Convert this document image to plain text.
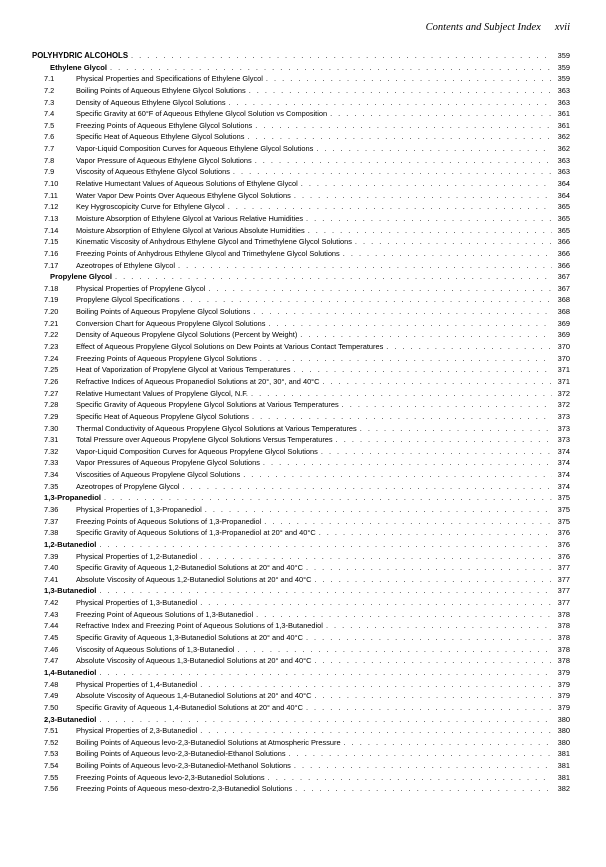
Contents and Subject Index xvii
POLYHYDRIC ALCOHOLS . . .	359
Ethylene Glycol . . .	359
7.1	Physical Properties and Specifications of Ethylene Glycol . . .	359
7.2	Boiling Points of Aqueous Ethylene Glycol Solutions . . .	363
7.3	Density of Aqueous Ethylene Glycol Solutions . . .	363
7.4	Specific Gravity at 60°F of Aqueous Ethylene Glycol Solution vs Composition . . .	361
7.5	Freezing Points of Aqueous Ethylene Glycol Solutions . . .	361
7.6	Specific Heat of Aqueous Ethylene Glycol Solutions . . .	362
7.7	Vapor-Liquid Composition Curves for Aqueous Ethylene Glycol Solutions . . .	362
7.8	Vapor Pressure of Aqueous Ethylene Glycol Solutions . . .	363
7.9	Viscosity of Aqueous Ethylene Glycol Solutions . . .	363
7.10	Relative Humectant Values of Aqueous Solutions of Ethylene Glycol . . .	364
7.11	Water Vapor Dew Points Over Aqueous Ethylene Glycol Solutions . . .	364
7.12	Key Hygroscopicity Curve for Ethylene Glycol . . .	365
7.13	Moisture Absorption of Ethylene Glycol at Various Relative Humidities . . .	365
7.14	Moisture Absorption of Ethylene Glycol at Various Absolute Humidities . . .	365
7.15	Kinematic Viscosity of Anhydrous Ethylene Glycol and Trimethylene Glycol Solutions . . .	366
7.16	Freezing Points of Anhydrous Ethylene Glycol and Trimethylene Glycol Solutions . . .	366
7.17	Azeotropes of Ethylene Glycol . . .	366
Propylene Glycol . . .	367
7.18	Physical Properties of Propylene Glycol . . .	367
7.19	Propylene Glycol Specifications . . .	368
7.20	Boiling Points of Aqueous Propylene Glycol Solutions . . .	368
7.21	Conversion Chart for Aqueous Propylene Glycol Solutions . . .	369
7.22	Density of Aqueous Propylene Glycol Solutions (Percent by Weight) . . .	369
7.23	Effect of Aqueous Propylene Glycol Solutions on Dew Points at Various Contact Temperatures . . .	370
7.24	Freezing Points of Aqueous Propylene Glycol Solutions . . .	370
7.25	Heat of Vaporization of Propylene Glycol at Various Temperatures . . .	371
7.26	Refractive Indices of Aqueous Propanediol Solutions at 20°, 30°, and 40°C . . .	371
7.27	Relative Humectant Values of Propylene Glycol, N.F. . . .	372
7.28	Specific Gravity of Aqueous Propylene Glycol Solutions at Various Temperatures . . .	372
7.29	Specific Heat of Aqueous Propylene Glycol Solutions . . .	373
7.30	Thermal Conductivity of Aqueous Propylene Glycol Solutions at Various Temperatures . . .	373
7.31	Total Pressure over Aqueous Propylene Glycol Solutions Versus Temperatures . . .	373
7.32	Vapor-Liquid Composition Curves for Aqueous Propylene Glycol Solutions . . .	374
7.33	Vapor Pressures of Aqueous Propylene Glycol Solutions . . .	374
7.34	Viscosities of Aqueous Propylene Glycol Solutions . . .	374
7.35	Azeotropes of Propylene Glycol . . .	374
1,3-Propanediol . . .	375
7.36	Physical Properties of 1,3-Propanediol . . .	375
7.37	Freezing Points of Aqueous Solutions of 1,3-Propanediol . . .	375
7.38	Specific Gravity of Aqueous Solutions of 1,3-Propanediol at 20° and 40°C . . .	376
1,2-Butanediol . . .	376
7.39	Physical Properties of 1,2-Butanediol . . .	376
7.40	Specific Gravity of Aqueous 1,2-Butanediol Solutions at 20° and 40°C . . .	377
7.41	Absolute Viscosity of Aqueous 1,2-Butanediol Solutions at 20° and 40°C . . .	377
1,3-Butanediol . . .	377
7.42	Physical Properties of 1,3-Butanediol . . .	377
7.43	Freezing Point of Aqueous Solutions of 1,3-Butanediol . . .	378
7.44	Refractive Index and Freezing Point of Aqueous Solutions of 1,3-Butanediol . . .	378
7.45	Specific Gravity of Aqueous 1,3-Butanediol Solutions at 20° and 40°C . . .	378
7.46	Viscosity of Aqueous Solutions of 1,3-Butanediol . . .	378
7.47	Absolute Viscosity of Aqueous 1,3-Butanediol Solutions at 20° and 40°C . . .	378
1,4-Butanediol . . .	379
7.48	Physical Properties of 1,4-Butanediol . . .	379
7.49	Absolute Viscosity of Aqueous 1,4-Butanediol Solutions at 20° and 40°C . . .	379
7.50	Specific Gravity of Aqueous 1,4-Butanediol Solutions at 20° and 40°C . . .	379
2,3-Butanediol . . .	380
7.51	Physical Properties of 2,3-Butanediol . . .	380
7.52	Boiling Points of Aqueous levo-2,3-Butanediol Solutions at Atmospheric Pressure . . .	380
7.53	Boiling Points of Aqueous levo-2,3-Butanediol-Ethanol Solutions . . .	381
7.54	Boiling Points of Aqueous levo-2,3-Butanediol-Methanol Solutions . . .	381
7.55	Freezing Points of Aqueous levo-2,3-Butanediol Solutions . . .	381
7.56	Freezing Points of Aqueous meso-dextro-2,3-Butanediol Solutions . . .	382
